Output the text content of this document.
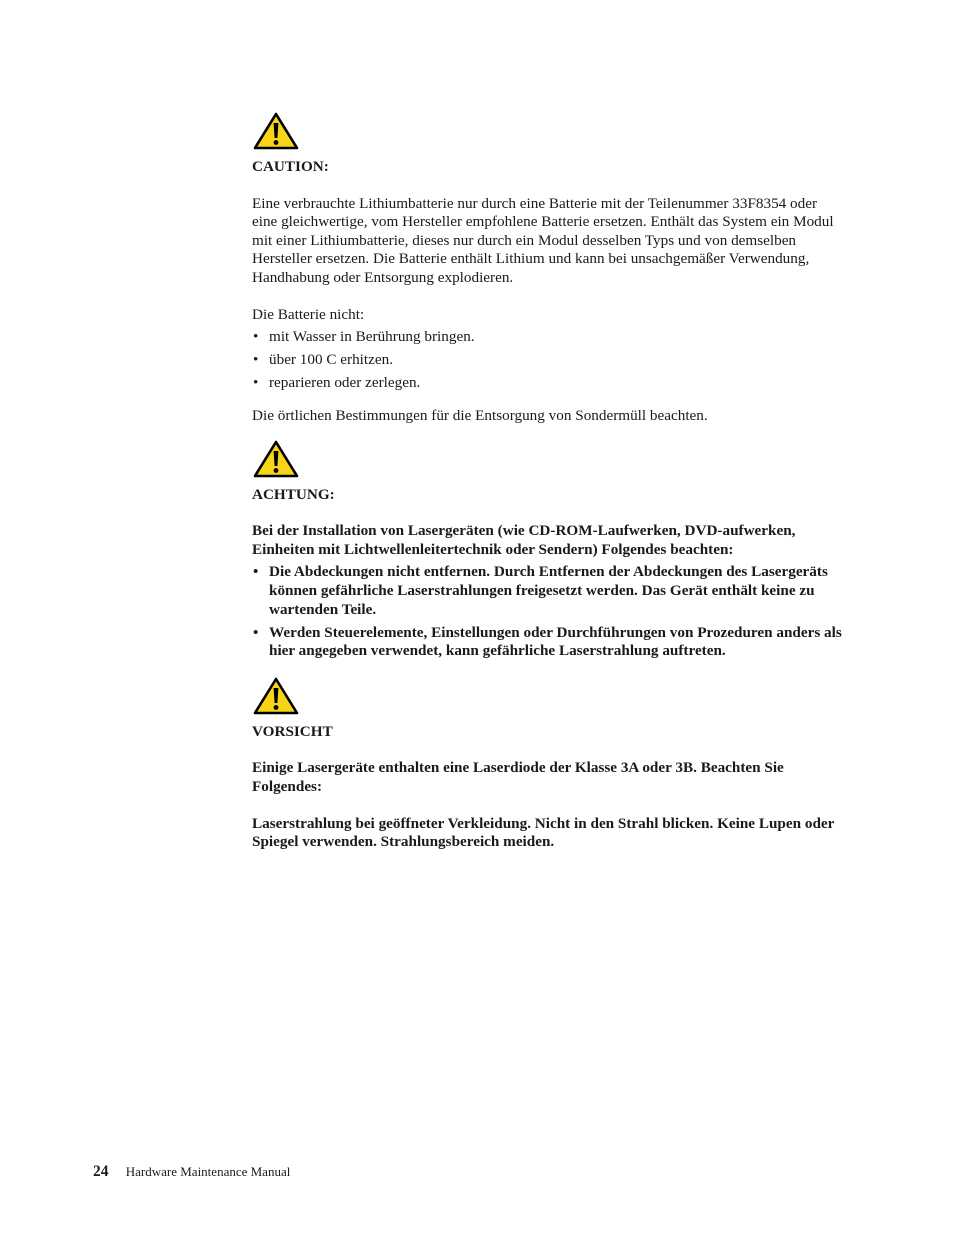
CAUTION:

Eine verbrauchte Lithiumbatterie nur durch eine Batterie mit der Teilenummer 33F8354 oder eine gleichwertige, vom Hersteller empfohlene Batterie ersetzen. Enthält das System ein Modul mit einer Lithiumbatterie, dieses nur durch ein Modul desselben Typs und von demselben Hersteller ersetzen. Die Batterie enthält Lithium und kann bei unsachgemäßer Verwendung, Handhabung oder Entsorgung explodieren.

Die Batterie nicht:

• mit Wasser in Berührung bringen.
• über 100 C erhitzen.
• reparieren oder zerlegen.

Die örtlichen Bestimmungen für die Entsorgung von Sondermüll beachten.

ACHTUNG:

Bei der Installation von Lasergeräten (wie CD-ROM-Laufwerken, DVD-aufwerken, Einheiten mit Lichtwellenleitertechnik oder Sendern) Folgendes beachten:

• Die Abdeckungen nicht entfernen. Durch Entfernen der Abdeckungen des Lasergeräts können gefährliche Laserstrahlungen freigesetzt werden. Das Gerät enthält keine zu wartenden Teile.
• Werden Steuerelemente, Einstellungen oder Durchführungen von Prozeduren anders als hier angegeben verwendet, kann gefährliche Laserstrahlung auftreten.

VORSICHT

Einige Lasergeräte enthalten eine Laserdiode der Klasse 3A oder 3B. Beachten Sie Folgendes:

Laserstrahlung bei geöffneter Verkleidung. Nicht in den Strahl blicken. Keine Lupen oder Spiegel verwenden. Strahlungsbereich meiden.

24 Hardware Maintenance Manual
